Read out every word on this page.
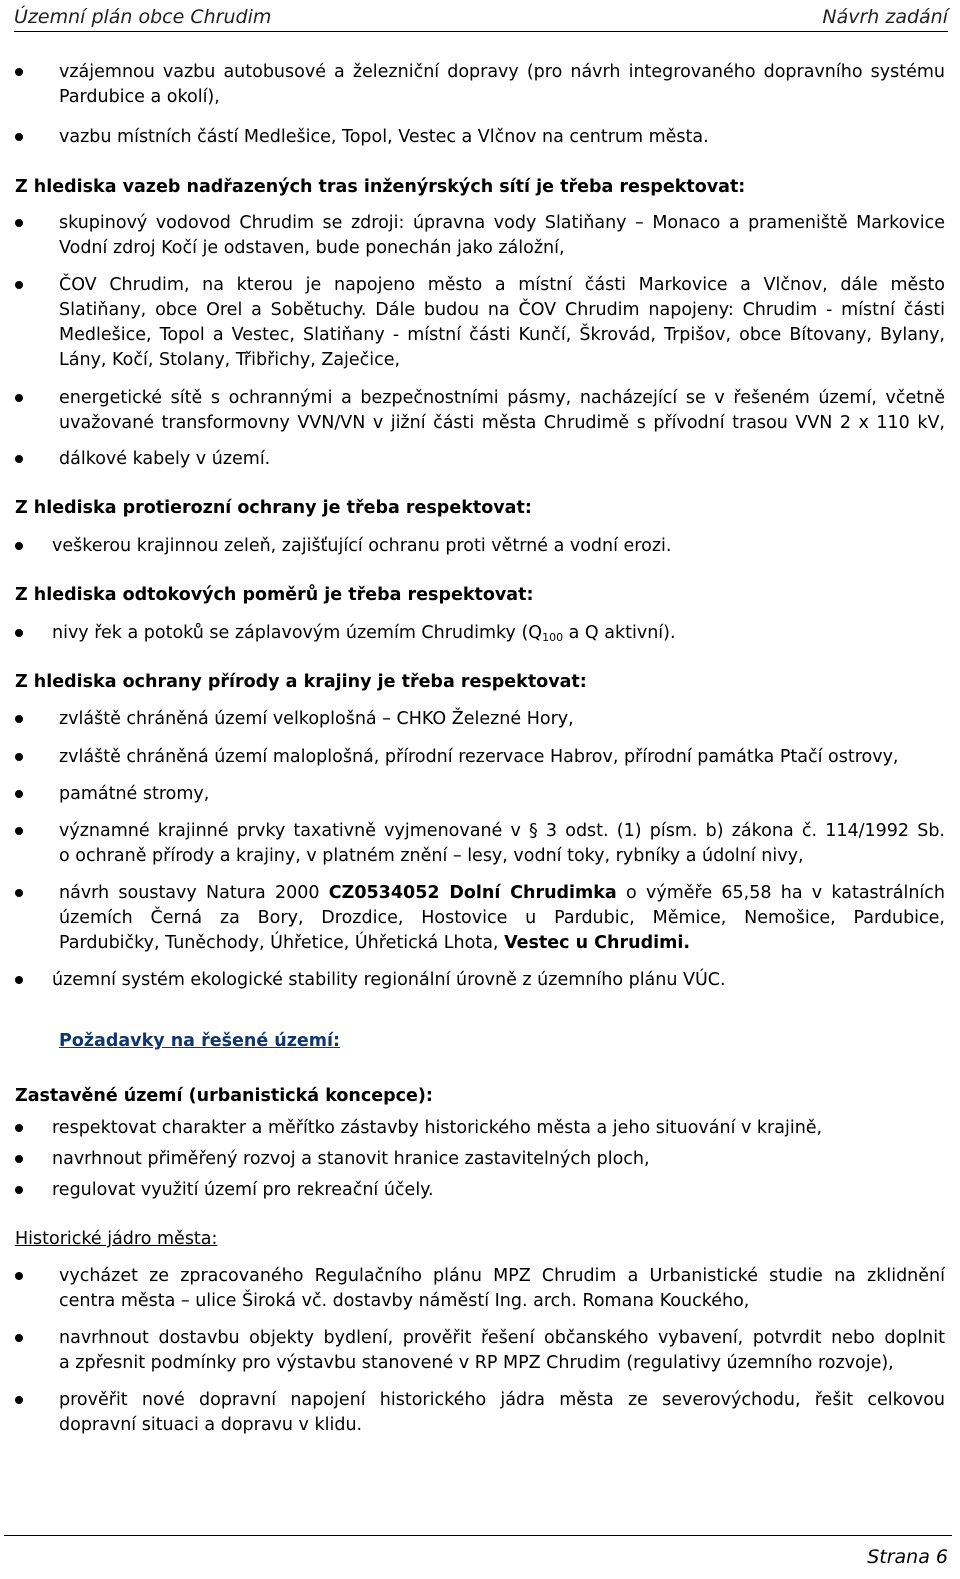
Územní plán obce Chrudim	Návrh zadání
vzájemnou vazbu autobusové a železniční dopravy (pro návrh integrovaného dopravního systému
Pardubice a okolí),
vazbu místních částí Medlešice, Topol, Vestec a Vlčnov na centrum města.
Z hlediska vazeb nadřazených tras inženýrských sítí je třeba respektovat:
skupinový vodovod Chrudim se zdroji: úpravna vody Slatiňany – Monaco a prameniště Markovice
Vodní zdroj Kočí je odstaven, bude ponechán jako záložní,
ČOV Chrudim, na kterou je napojeno město a místní části Markovice a Vlčnov, dále město
Slatiňany, obce Orel a Sobětuchy. Dále budou na ČOV Chrudim napojeny: Chrudim - místní části
Medlešice, Topol a Vestec, Slatiňany - místní části Kunčí, Škrovád, Trpišov, obce Bítovany, Bylany,
Lány, Kočí, Stolany, Třibřichy, Zaječice,
energetické sítě s ochrannými a bezpečnostními pásmy, nacházející se v řešeném území, včetně
uvažované transformovny VVN/VN v jižní části města Chrudimě s přívodní trasou VVN 2 x 110 kV,
dálkové kabely v území.
Z hlediska protierozní ochrany je třeba respektovat:
veškerou krajinnou zeleň, zajišťující ochranu proti větrné a vodní erozi.
Z hlediska odtokových poměrů je třeba respektovat:
nivy řek a potoků se záplavovým územím Chrudimky ($Q_{100}$ a Q aktivní).
Z hlediska ochrany přírody a krajiny je třeba respektovat:
zvláště chráněná území velkoplošná – CHKO Železné Hory,
zvláště chráněná území maloplošná, přírodní rezervace Habrov, přírodní památka Ptačí ostrovy,
památné stromy,
významné krajinné prvky taxativně vyjmenované v § 3 odst. (1) písm. b) zákona č. 114/1992 Sb.
o ochraně přírody a krajiny, v platném znění – lesy, vodní toky, rybníky a údolní nivy,
návrh soustavy Natura 2000 CZ0534052 Dolní Chrudimka o výměře 65,58 ha v katastrálních
územích Černá za Bory, Drozdice, Hostovice u Pardubic, Měmice, Nemošice, Pardubice,
Pardubičky, Tuněchody, Úhřetice, Úhřetická Lhota, Vestec u Chrudimi.
územní systém ekologické stability regionální úrovně z územního plánu VÚC.
Požadavky na řešené území:
Zastavěné území (urbanistická koncepce):
respektovat charakter a měřítko zástavby historického města a jeho situování v krajině,
navrhnout přiměřený rozvoj a stanovit hranice zastavitelných ploch,
regulovat využití území pro rekreační účely.
Historické jádro města:
vycházet ze zpracovaného Regulačního plánu MPZ Chrudim a Urbanistické studie na zklidnění
centra města – ulice Široká vč. dostavby náměstí Ing. arch. Romana Kouckého,
navrhnout dostavbu objekty bydlení, prověřit řešení občanského vybavení, potvrdit nebo doplnit
a zpřesnit podmínky pro výstavbu stanovené v RP MPZ Chrudim (regulativy územního rozvoje),
prověřit nové dopravní napojení historického jádra města ze severovýchodu, řešit celkovou
dopravní situaci a dopravu v klidu.
Strana 6
